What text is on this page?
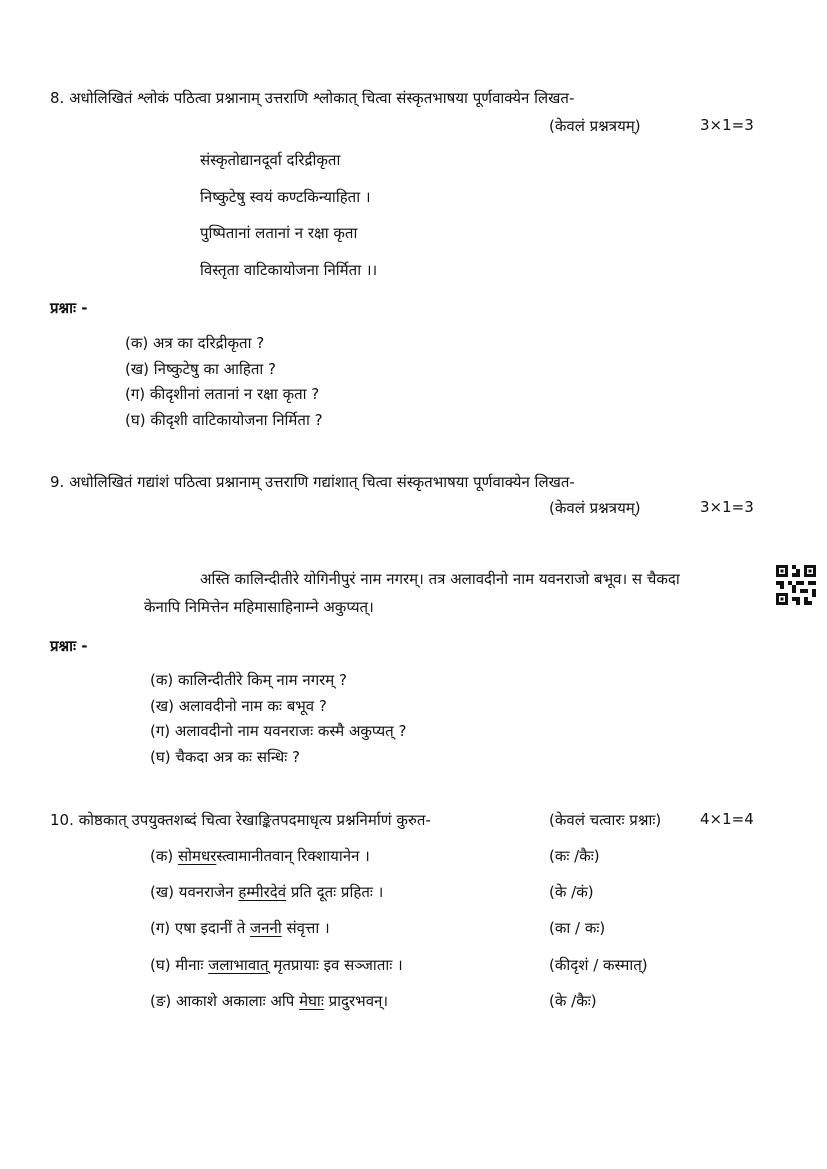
8. अधोलिखितं श्लोकं पठित्वा प्रश्नानाम् उत्तराणि श्लोकात् चित्वा संस्कृतभाषया पूर्णवाक्येन लिखत-
(केवलं प्रश्नत्रयम्)	3×1=3
संस्कृतोद्यानदूर्वा दरिद्रीकृता
निष्कुटेषु स्वयं कण्टकिन्याहिता ।
पुष्पितानां लतानां न रक्षा कृता
विस्तृता वाटिकायोजना निर्मिता ।।
प्रश्नाः -
(क) अत्र का दरिद्रीकृता ?
(ख) निष्कुटेषु का आहिता ?
(ग) कीदृशीनां लतानां न रक्षा कृता ?
(घ) कीदृशी वाटिकायोजना निर्मिता ?
9. अधोलिखितं गद्यांशं पठित्वा प्रश्नानाम् उत्तराणि गद्यांशात् चित्वा संस्कृतभाषया पूर्णवाक्येन लिखत-
(केवलं प्रश्नत्रयम्)	3×1=3
अस्ति कालिन्दीतीरे योगिनीपुरं नाम नगरम्। तत्र अलावदीनो नाम यवनराजो बभूव। स चैकदा
केनापि निमित्तेन महिमासाहिनाम्ने अकुप्यत्।
प्रश्नाः -
(क) कालिन्दीतीरे किम् नाम नगरम् ?
(ख) अलावदीनो नाम कः बभूव ?
(ग) अलावदीनो नाम यवनराजः कस्मै अकुप्यत् ?
(घ) चैकदा अत्र कः सन्धिः ?
10. कोष्ठकात् उपयुक्तशब्दं चित्वा रेखाङ्कितपदमाधृत्य प्रश्ननिर्माणं कुरुत-	(केवलं चत्वारः प्रश्नाः)	4×1=4
(क) सोमधरस्त्वामानीतवान् रिक्शायानेन ।	(कः /कैः)
(ख) यवनराजेन हम्मीरदेवं प्रति दूतः प्रहितः ।	(के /कं)
(ग) एषा इदानीं ते जननी संवृत्ता ।	(का / कः)
(घ) मीनाः जलाभावात् मृतप्रायाः इव सञ्जाताः ।	(कीदृशं / कस्मात्)
(ङ) आकाशे अकालाः अपि मेघाः प्रादुरभवन्।	(के /कैः)
